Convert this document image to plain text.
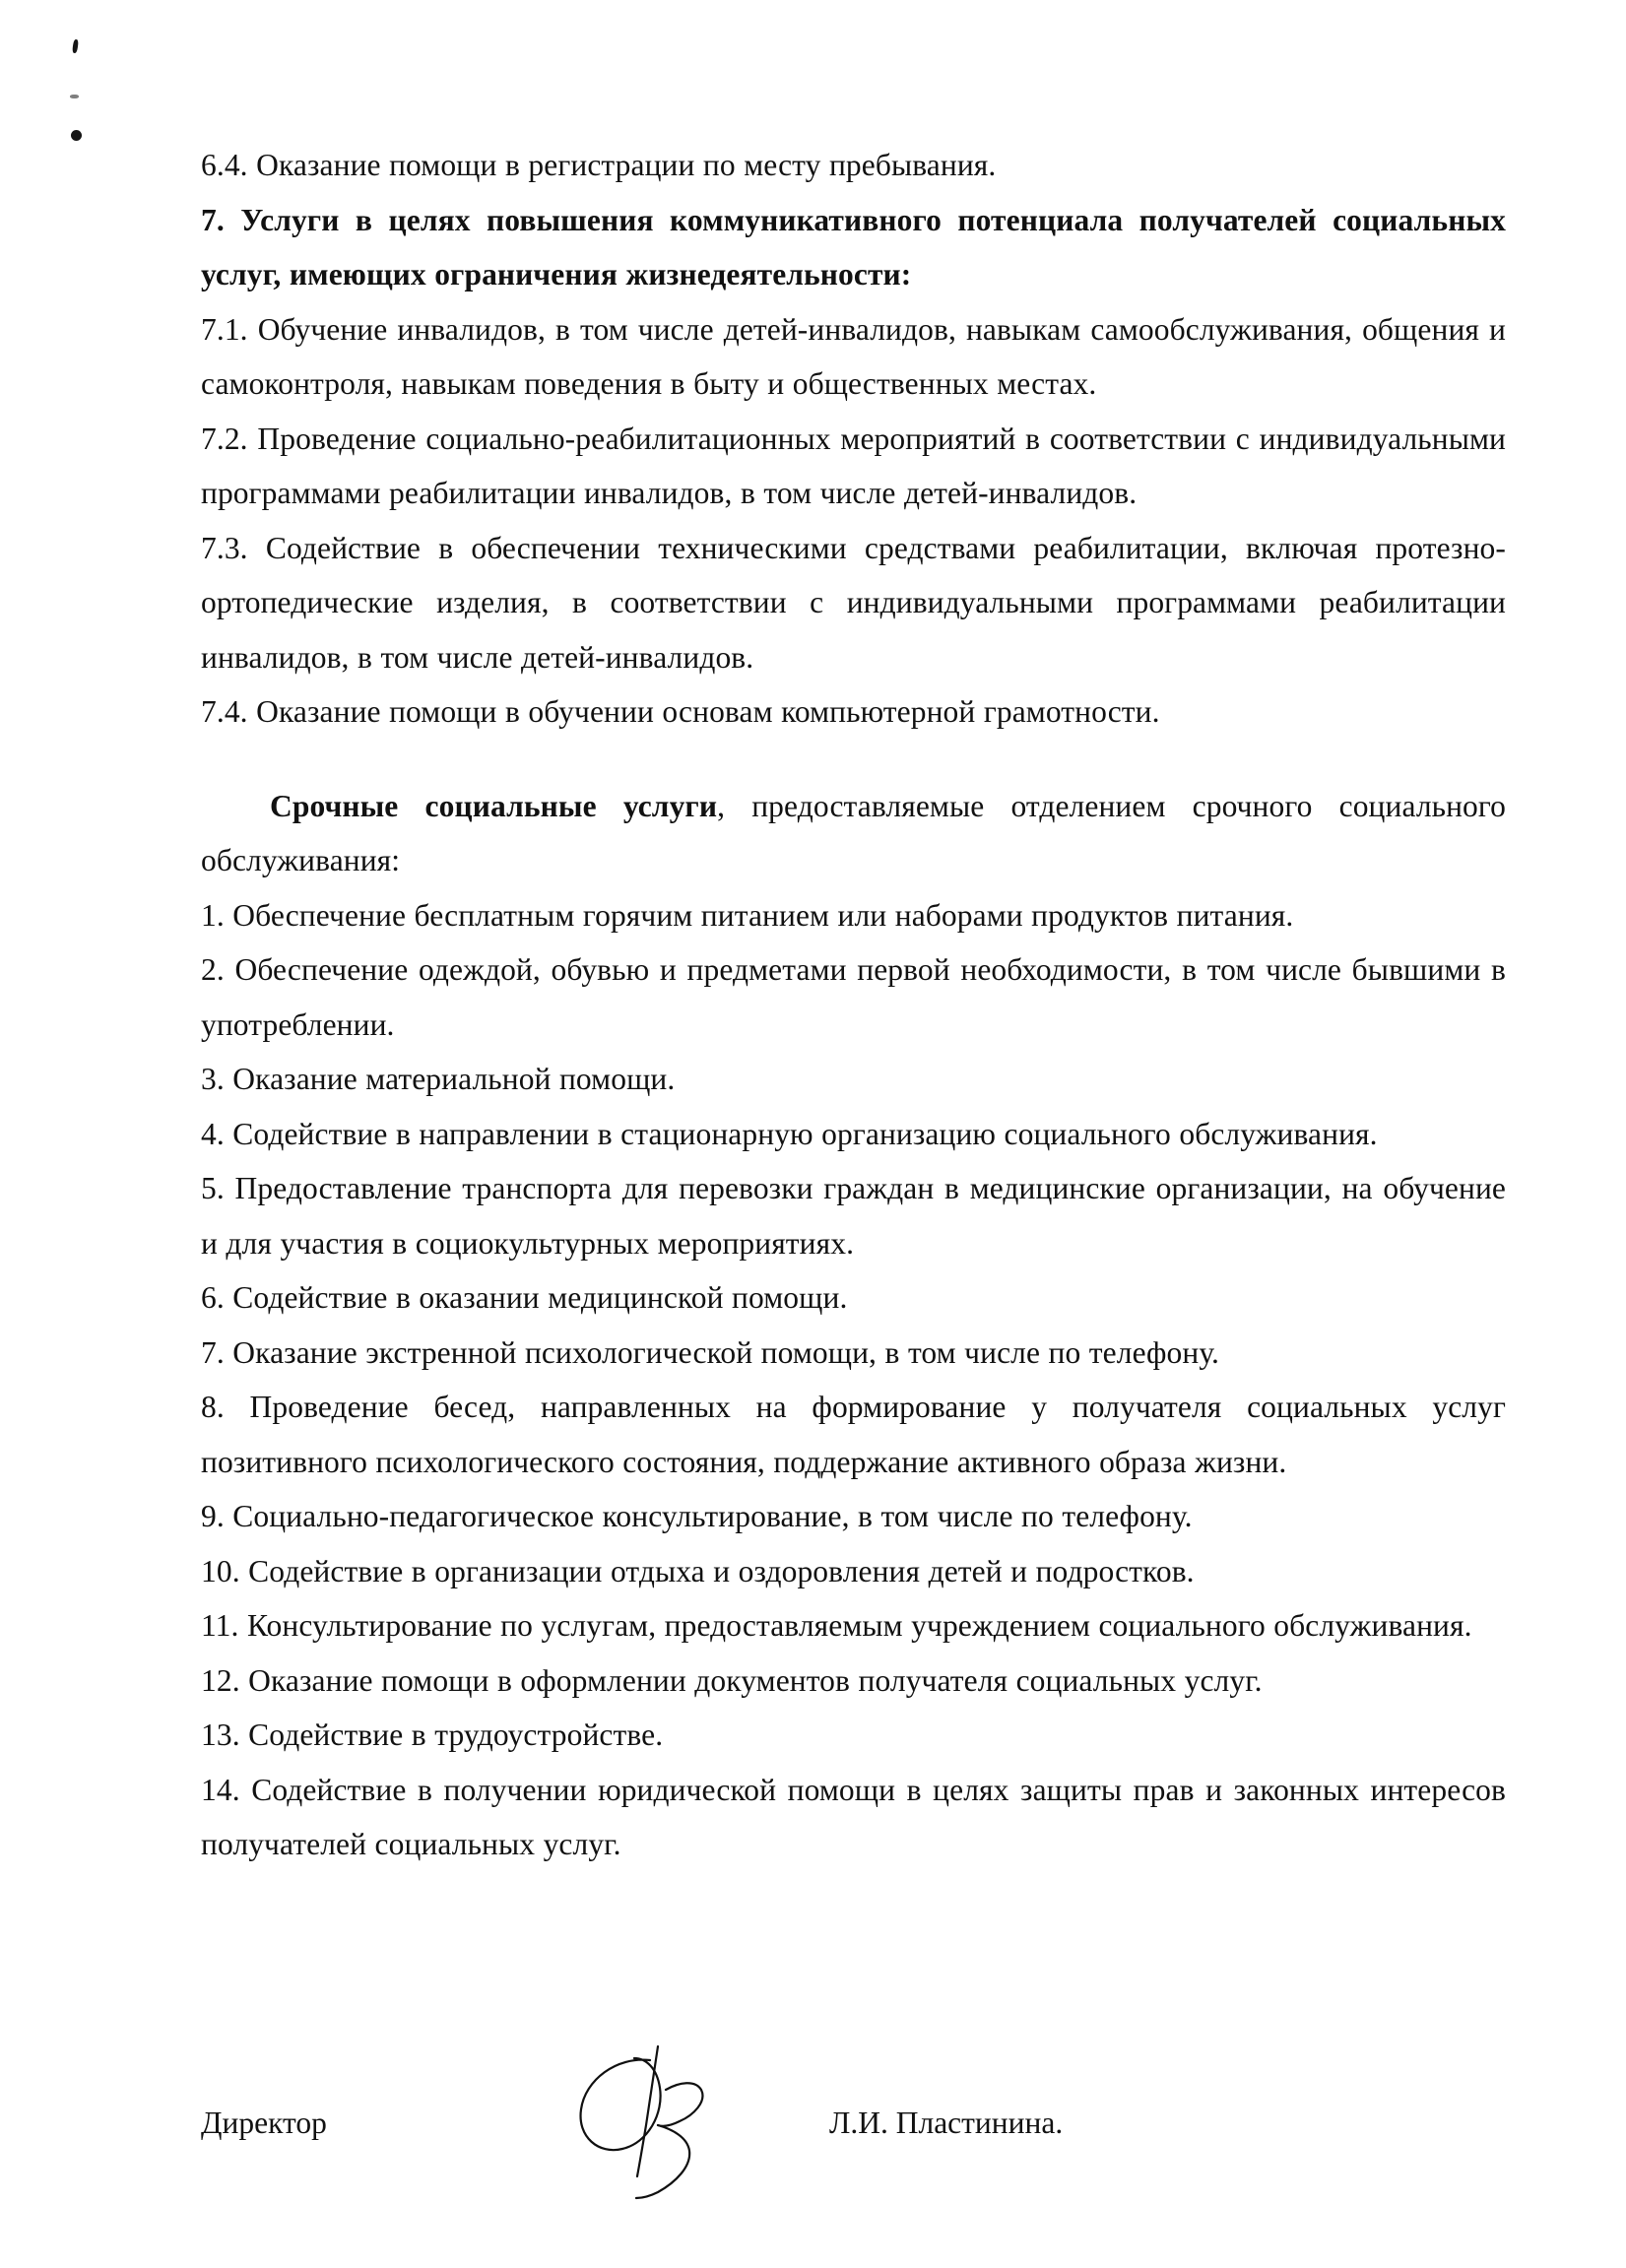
6.4. Оказание помощи в регистрации по месту пребывания.

7. Услуги в целях повышения коммуникативного потенциала получателей социальных услуг, имеющих ограничения жизнедеятельности:

7.1. Обучение инвалидов, в том числе детей-инвалидов, навыкам самообслуживания, общения и самоконтроля, навыкам поведения в быту и общественных местах.

7.2. Проведение социально-реабилитационных мероприятий в соответствии с индивидуальными программами реабилитации инвалидов, в том числе детей-инвалидов.

7.3. Содействие в обеспечении техническими средствами реабилитации, включая протезно-ортопедические изделия, в соответствии с индивидуальными программами реабилитации инвалидов, в том числе детей-инвалидов.

7.4. Оказание помощи в обучении основам компьютерной грамотности.

Срочные социальные услуги, предоставляемые отделением срочного социального обслуживания:

1. Обеспечение бесплатным горячим питанием или наборами продуктов питания.

2. Обеспечение одеждой, обувью и предметами первой необходимости, в том числе бывшими в употреблении.

3. Оказание материальной помощи.

4. Содействие в направлении в стационарную организацию социального обслуживания.

5. Предоставление транспорта для перевозки граждан в медицинские организации, на обучение и для участия в социокультурных мероприятиях.

6. Содействие в оказании медицинской помощи.

7. Оказание экстренной психологической помощи, в том числе по телефону.

8. Проведение бесед, направленных на формирование у получателя социальных услуг позитивного психологического состояния, поддержание активного образа жизни.

9. Социально-педагогическое консультирование, в том числе по телефону.

10. Содействие в организации отдыха и оздоровления детей и подростков.

11. Консультирование по услугам, предоставляемым учреждением социального обслуживания.

12. Оказание помощи в оформлении документов получателя социальных услуг.

13. Содействие в трудоустройстве.

14. Содействие в получении юридической помощи в целях защиты прав и законных интересов получателей социальных услуг.

Директор	Л.И. Пластинина.
